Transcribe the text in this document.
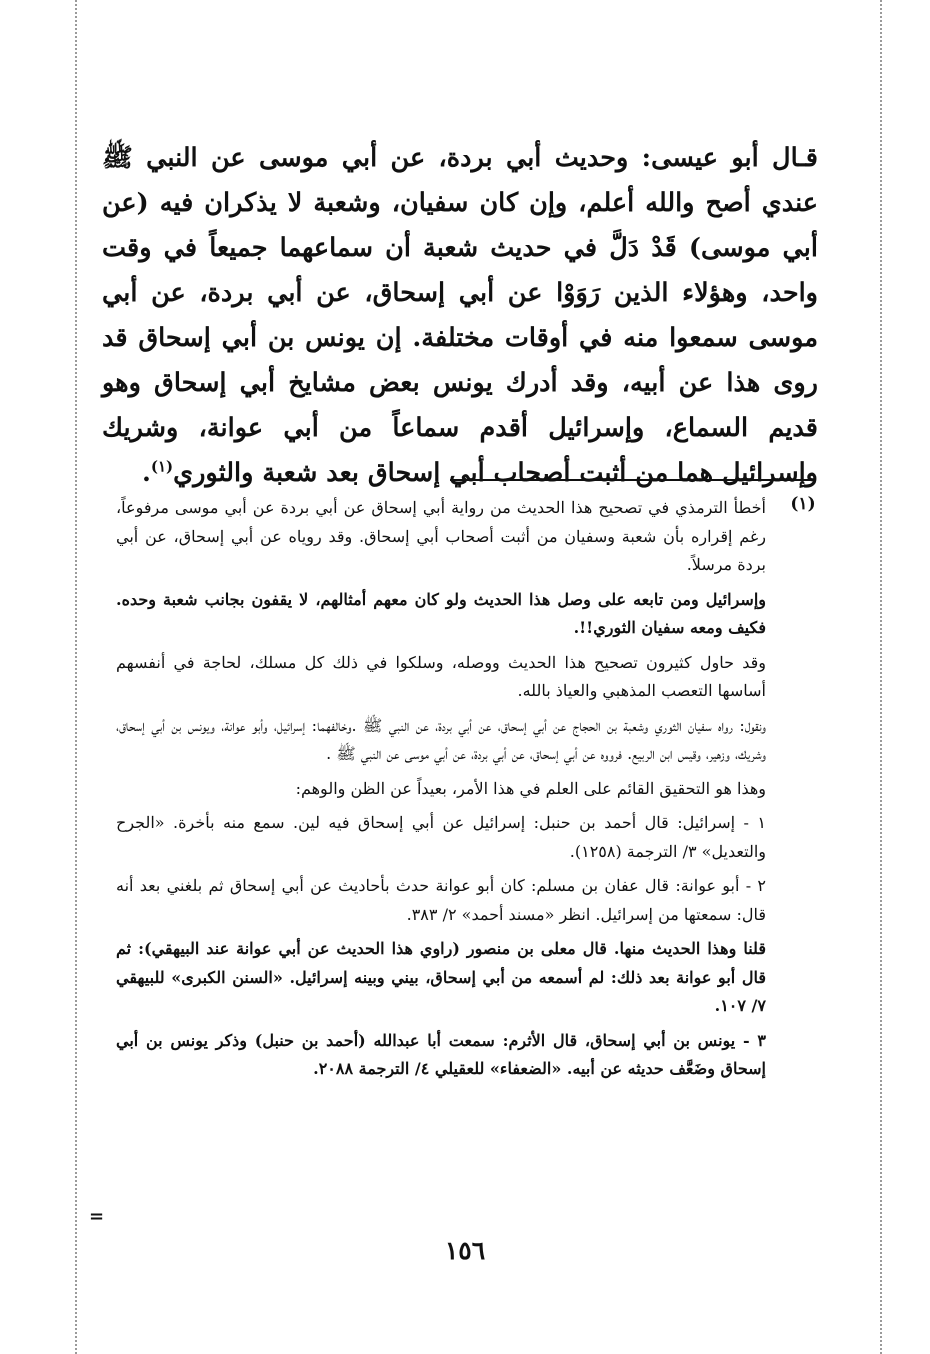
قـال أبو عيسى: وحديث أبي بردة، عن أبي موسى عن النبي ﷺ عندي أصح والله أعلم، وإن كان سفيان، وشعبة لا يذكران فيه (عن أبي موسى) قَدْ دَلَّ في حديث شعبة أن سماعهما جميعاً في وقت واحد، وهؤلاء الذين رَوَوْا عن أبي إسحاق، عن أبي بردة، عن أبي موسى سمعوا منه في أوقات مختلفة. إن يونس بن أبي إسحاق قد روى هذا عن أبيه، وقد أدرك يونس بعض مشايخ أبي إسحاق وهو قديم السماع، وإسرائيل أقدم سماعاً من أبي عوانة، وشريك وإسرائيل هما من أثبت أصحاب أبي إسحاق بعد شعبة والثوري$^{(١)}$.

(١)

أخطأ الترمذي في تصحيح هذا الحديث من رواية أبي إسحاق عن أبي بردة عن أبي موسى مرفوعاً، رغم إقراره بأن شعبة وسفيان من أثبت أصحاب أبي إسحاق. وقد روياه عن أبي إسحاق، عن أبي بردة مرسلاً.

وإسرائيل ومن تابعه على وصل هذا الحديث ولو كان معهم أمثالهم، لا يقفون بجانب شعبة وحده. فكيف ومعه سفيان الثوري!!.

وقد حاول كثيرون تصحيح هذا الحديث ووصله، وسلكوا في ذلك كل مسلك، لحاجة في أنفسهم أساسها التعصب المذهبي والعياذ بالله.

ونقول: رواه سفيان الثوري وشعبة بن الحجاج عن أبي إسحاق، عن أبي بردة، عن النبي ﷺ .وخالفهما: إسرائيل، وأبو عوانة، ويونس بن أبي إسحاق، وشريك، وزهير، وقيس ابن الربيع. فرووه عن أبي إسحاق، عن أبي بردة، عن أبي موسى عن النبي ﷺ .

وهذا هو التحقيق القائم على العلم في هذا الأمر، بعيداً عن الظن والوهم:

١ - إسرائيل: قال أحمد بن حنبل: إسرائيل عن أبي إسحاق فيه لين. سمع منه بأخرة. «الجرح والتعديل» ٣/ الترجمة (١٢٥٨).

٢ - أبو عوانة: قال عفان بن مسلم: كان أبو عوانة حدث بأحاديث عن أبي إسحاق ثم بلغني بعد أنه قال: سمعتها من إسرائيل. انظر «مسند أحمد» ٢/ ٣٨٣.

قلنا وهذا الحديث منها. قال معلى بن منصور (راوي هذا الحديث عن أبي عوانة عند البيهقي): ثم قال أبو عوانة بعد ذلك: لم أسمعه من أبي إسحاق، بيني وبينه إسرائيل. «السنن الكبرى» للبيهقي ٧/ ١٠٧.

٣ - يونس بن أبي إسحاق، قال الأثرم: سمعت أبا عبدالله (أحمد بن حنبل) وذكر يونس بن أبي إسحاق وضَعَّف حديثه عن أبيه. «الضعفاء» للعقيلي ٤/ الترجمة ٢٠٨٨.

=
١٥٦
